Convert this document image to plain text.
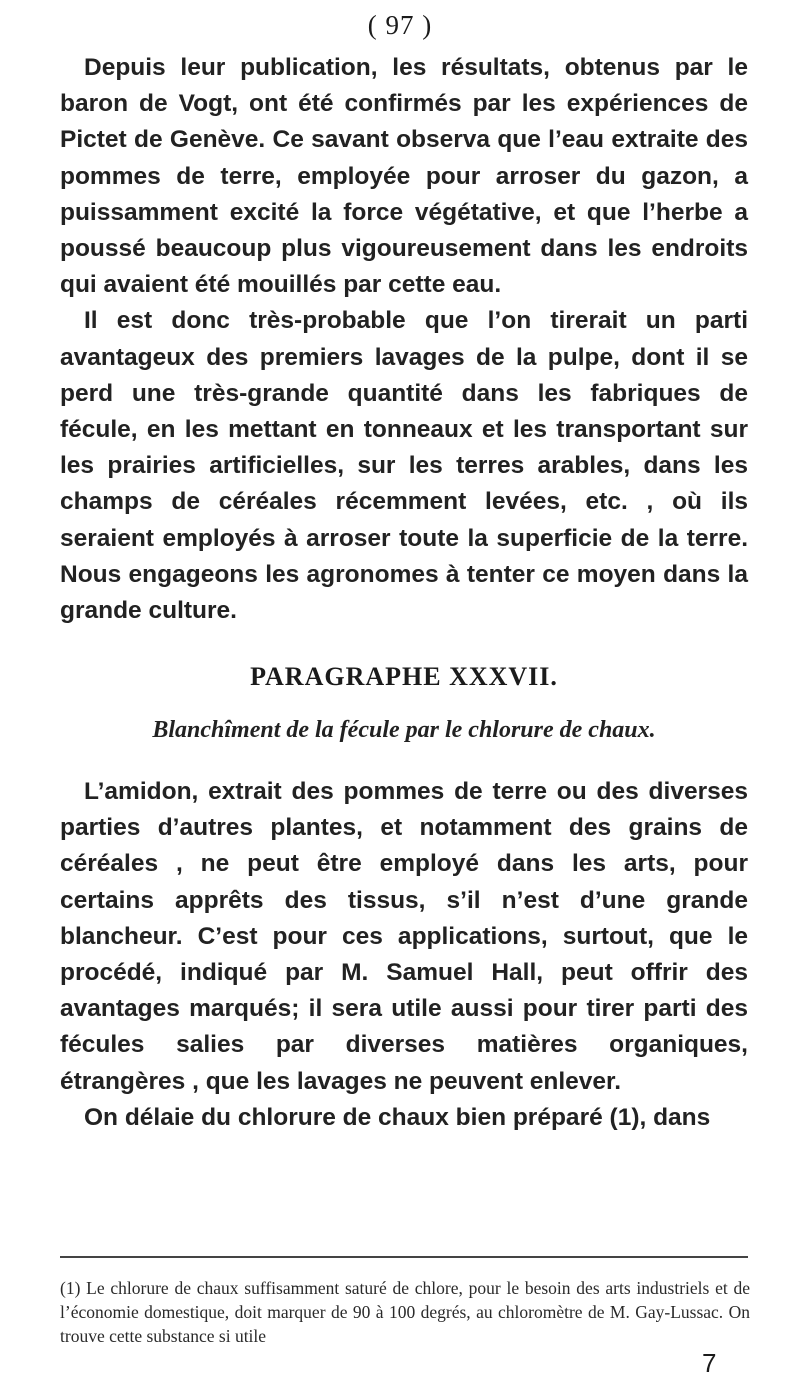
( 97 )

Depuis leur publication, les résultats, obtenus par le baron de Vogt, ont été confirmés par les expériences de Pictet de Genève. Ce savant observa que l’eau extraite des pommes de terre, employée pour arroser du gazon, a puissamment excité la force végétative, et que l’herbe a poussé beaucoup plus vigoureusement dans les endroits qui avaient été mouillés par cette eau.

Il est donc très-probable que l’on tirerait un parti avantageux des premiers lavages de la pulpe, dont il se perd une très-grande quantité dans les fabriques de fécule, en les mettant en tonneaux et les transportant sur les prairies artificielles, sur les terres arables, dans les champs de céréales récemment levées, etc. , où ils seraient employés à arroser toute la superficie de la terre. Nous engageons les agronomes à tenter ce moyen dans la grande culture.

PARAGRAPHE XXXVII.
Blanchîment de la fécule par le chlorure de chaux.

L’amidon, extrait des pommes de terre ou des diverses parties d’autres plantes, et notamment des grains de céréales , ne peut être employé dans les arts, pour certains apprêts des tissus, s’il n’est d’une grande blancheur. C’est pour ces applications, surtout, que le procédé, indiqué par M. Samuel Hall, peut offrir des avantages marqués; il sera utile aussi pour tirer parti des fécules salies par diverses matières organiques, étrangères , que les lavages ne peuvent enlever.

On délaie du chlorure de chaux bien préparé (1), dans

(1) Le chlorure de chaux suffisamment saturé de chlore, pour le besoin des arts industriels et de l’économie domestique, doit marquer de 90 à 100 degrés, au chloromètre de M. Gay-Lussac. On trouve cette substance si utile
7
